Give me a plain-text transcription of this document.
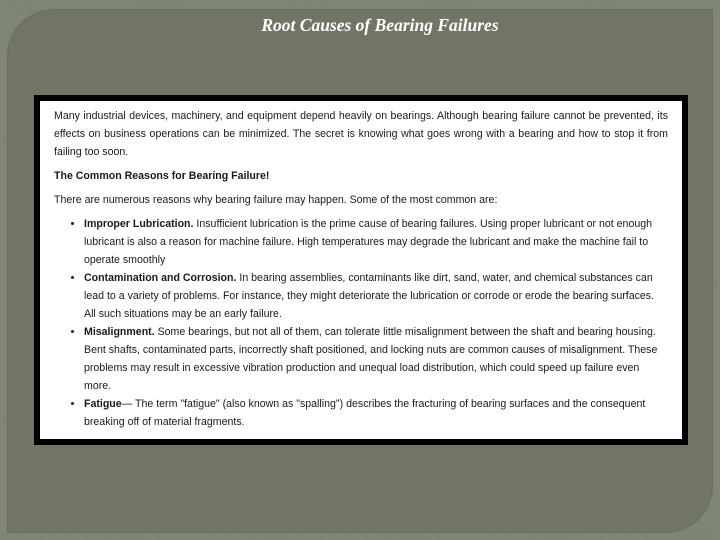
Root Causes of Bearing Failures

Many industrial devices, machinery, and equipment depend heavily on bearings. Although bearing failure cannot be prevented, its effects on business operations can be minimized. The secret is knowing what goes wrong with a bearing and how to stop it from failing too soon.

The Common Reasons for Bearing Failure!

There are numerous reasons why bearing failure may happen. Some of the most common are:

• Improper Lubrication. Insufficient lubrication is the prime cause of bearing failures. Using proper lubricant or not enough lubricant is also a reason for machine failure. High temperatures may degrade the lubricant and make the machine fail to operate smoothly
• Contamination and Corrosion. In bearing assemblies, contaminants like dirt, sand, water, and chemical substances can lead to a variety of problems. For instance, they might deteriorate the lubrication or corrode or erode the bearing surfaces. All such situations may be an early failure.
• Misalignment. Some bearings, but not all of them, can tolerate little misalignment between the shaft and bearing housing. Bent shafts, contaminated parts, incorrectly shaft positioned, and locking nuts are common causes of misalignment. These problems may result in excessive vibration production and unequal load distribution, which could speed up failure even more.
• Fatigue— The term "fatigue" (also known as "spalling") describes the fracturing of bearing surfaces and the consequent breaking off of material fragments.
